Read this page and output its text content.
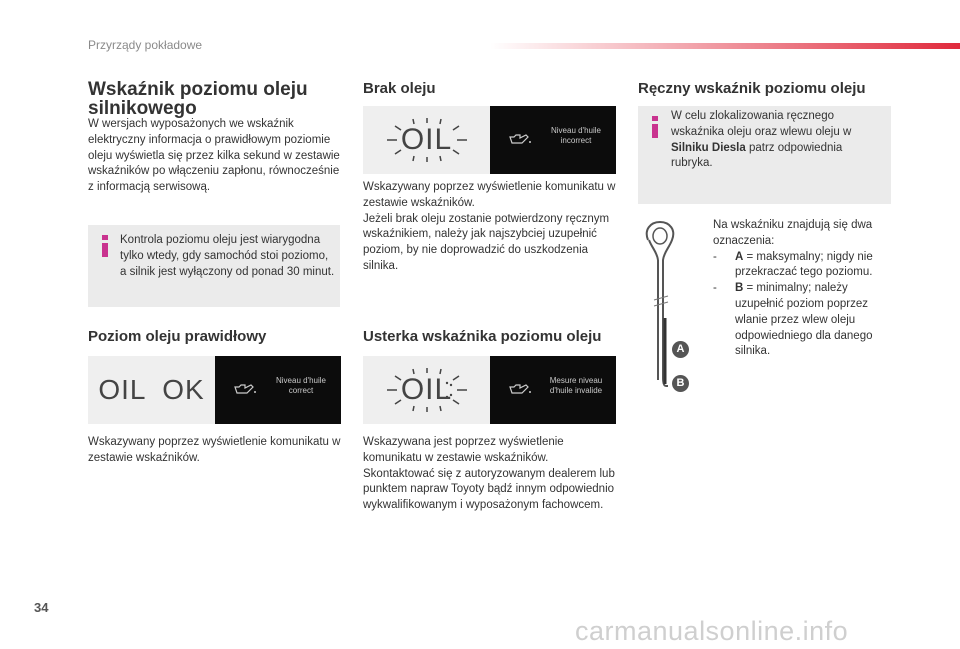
Przyrządy pokładowe
Wskaźnik poziomu oleju silnikowego
W wersjach wyposażonych we wskaźnik elektryczny informacja o prawidłowym poziomie oleju wyświetla się przez kilka sekund w zestawie wskaźników po włączeniu zapłonu, równocześnie z informacją serwisową.
Kontrola poziomu oleju jest wiarygodna tylko wtedy, gdy samochód stoi poziomo, a silnik jest wyłączony od ponad 30 minut.
Poziom oleju prawidłowy
OIL OK	Niveau d'huile correct
Wskazywany poprzez wyświetlenie komunikatu w zestawie wskaźników.
Brak oleju
OIL	Niveau d'huile incorrect
Wskazywany poprzez wyświetlenie komunikatu w zestawie wskaźników.
Jeżeli brak oleju zostanie potwierdzony ręcznym wskaźnikiem, należy jak najszybciej uzupełnić poziom, by nie doprowadzić do uszkodzenia silnika.
Usterka wskaźnika poziomu oleju
OIL	Mesure niveau d'huile invalide
Wskazywana jest poprzez wyświetlenie komunikatu w zestawie wskaźników.
Skontaktować się z autoryzowanym dealerem lub punktem napraw Toyoty bądź innym odpowiednio wykwalifikowanym i wyposażonym fachowcem.
Ręczny wskaźnik poziomu oleju
W celu zlokalizowania ręcznego wskaźnika oleju oraz wlewu oleju w Silniku Diesla patrz odpowiednia rubryka.
A
B
Na wskaźniku znajdują się dwa oznaczenia:
- A = maksymalny; nigdy nie przekraczać tego poziomu.
- B = minimalny; należy uzupełnić poziom poprzez wlanie przez wlew oleju odpowiedniego dla danego silnika.
34
carmanualsonline.info
